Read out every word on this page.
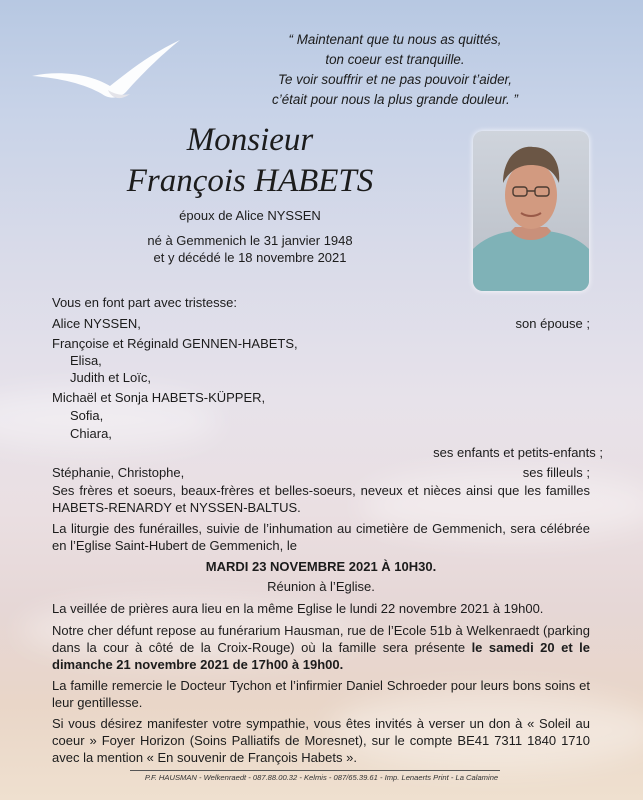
“ Maintenant que tu nous as quittés,
ton coeur est tranquille.
Te voir souffrir et ne pas pouvoir t’aider,
c’était pour nous la plus grande douleur. ”
Monsieur
François HABETS
époux de Alice NYSSEN
né à Gemmenich le 31 janvier 1948
et y décédé le 18 novembre 2021
Vous en font part avec tristesse:
Alice NYSSEN,	son épouse ;
Françoise et Réginald GENNEN-HABETS,
Elisa,
Judith et Loïc,
Michaël et Sonja HABETS-KÜPPER,
Sofia,
Chiara,
ses enfants et petits-enfants ;
Stéphanie, Christophe,	ses filleuls ;
Ses frères et soeurs, beaux-frères et belles-soeurs, neveux et nièces ainsi que les familles HABETS-RENARDY et NYSSEN-BALTUS.
La liturgie des funérailles, suivie de l’inhumation au cimetière de Gemmenich, sera célébrée en l’Eglise Saint-Hubert de Gemmenich, le
MARDI 23 NOVEMBRE 2021 À 10H30.
Réunion à l’Eglise.
La veillée de prières aura lieu en la même Eglise le lundi 22 novembre 2021 à 19h00.
Notre cher défunt repose au funérarium Hausman, rue de l’Ecole 51b à Welkenraedt (parking dans la cour à côté de la Croix-Rouge) où la famille sera présente le samedi 20 et le dimanche 21 novembre 2021 de 17h00 à 19h00.
La famille remercie le Docteur Tychon et l’infirmier Daniel Schroeder pour leurs bons soins et leur gentillesse.
Si vous désirez manifester votre sympathie, vous êtes invités à verser un don à « Soleil au coeur » Foyer Horizon (Soins Palliatifs de Moresnet), sur le compte BE41 7311 1840 1710 avec la mention « En souvenir de François Habets ».
P.F. HAUSMAN - Welkenraedt - 087.88.00.32 - Kelmis - 087/65.39.61 - Imp. Lenaerts Print - La Calamine
